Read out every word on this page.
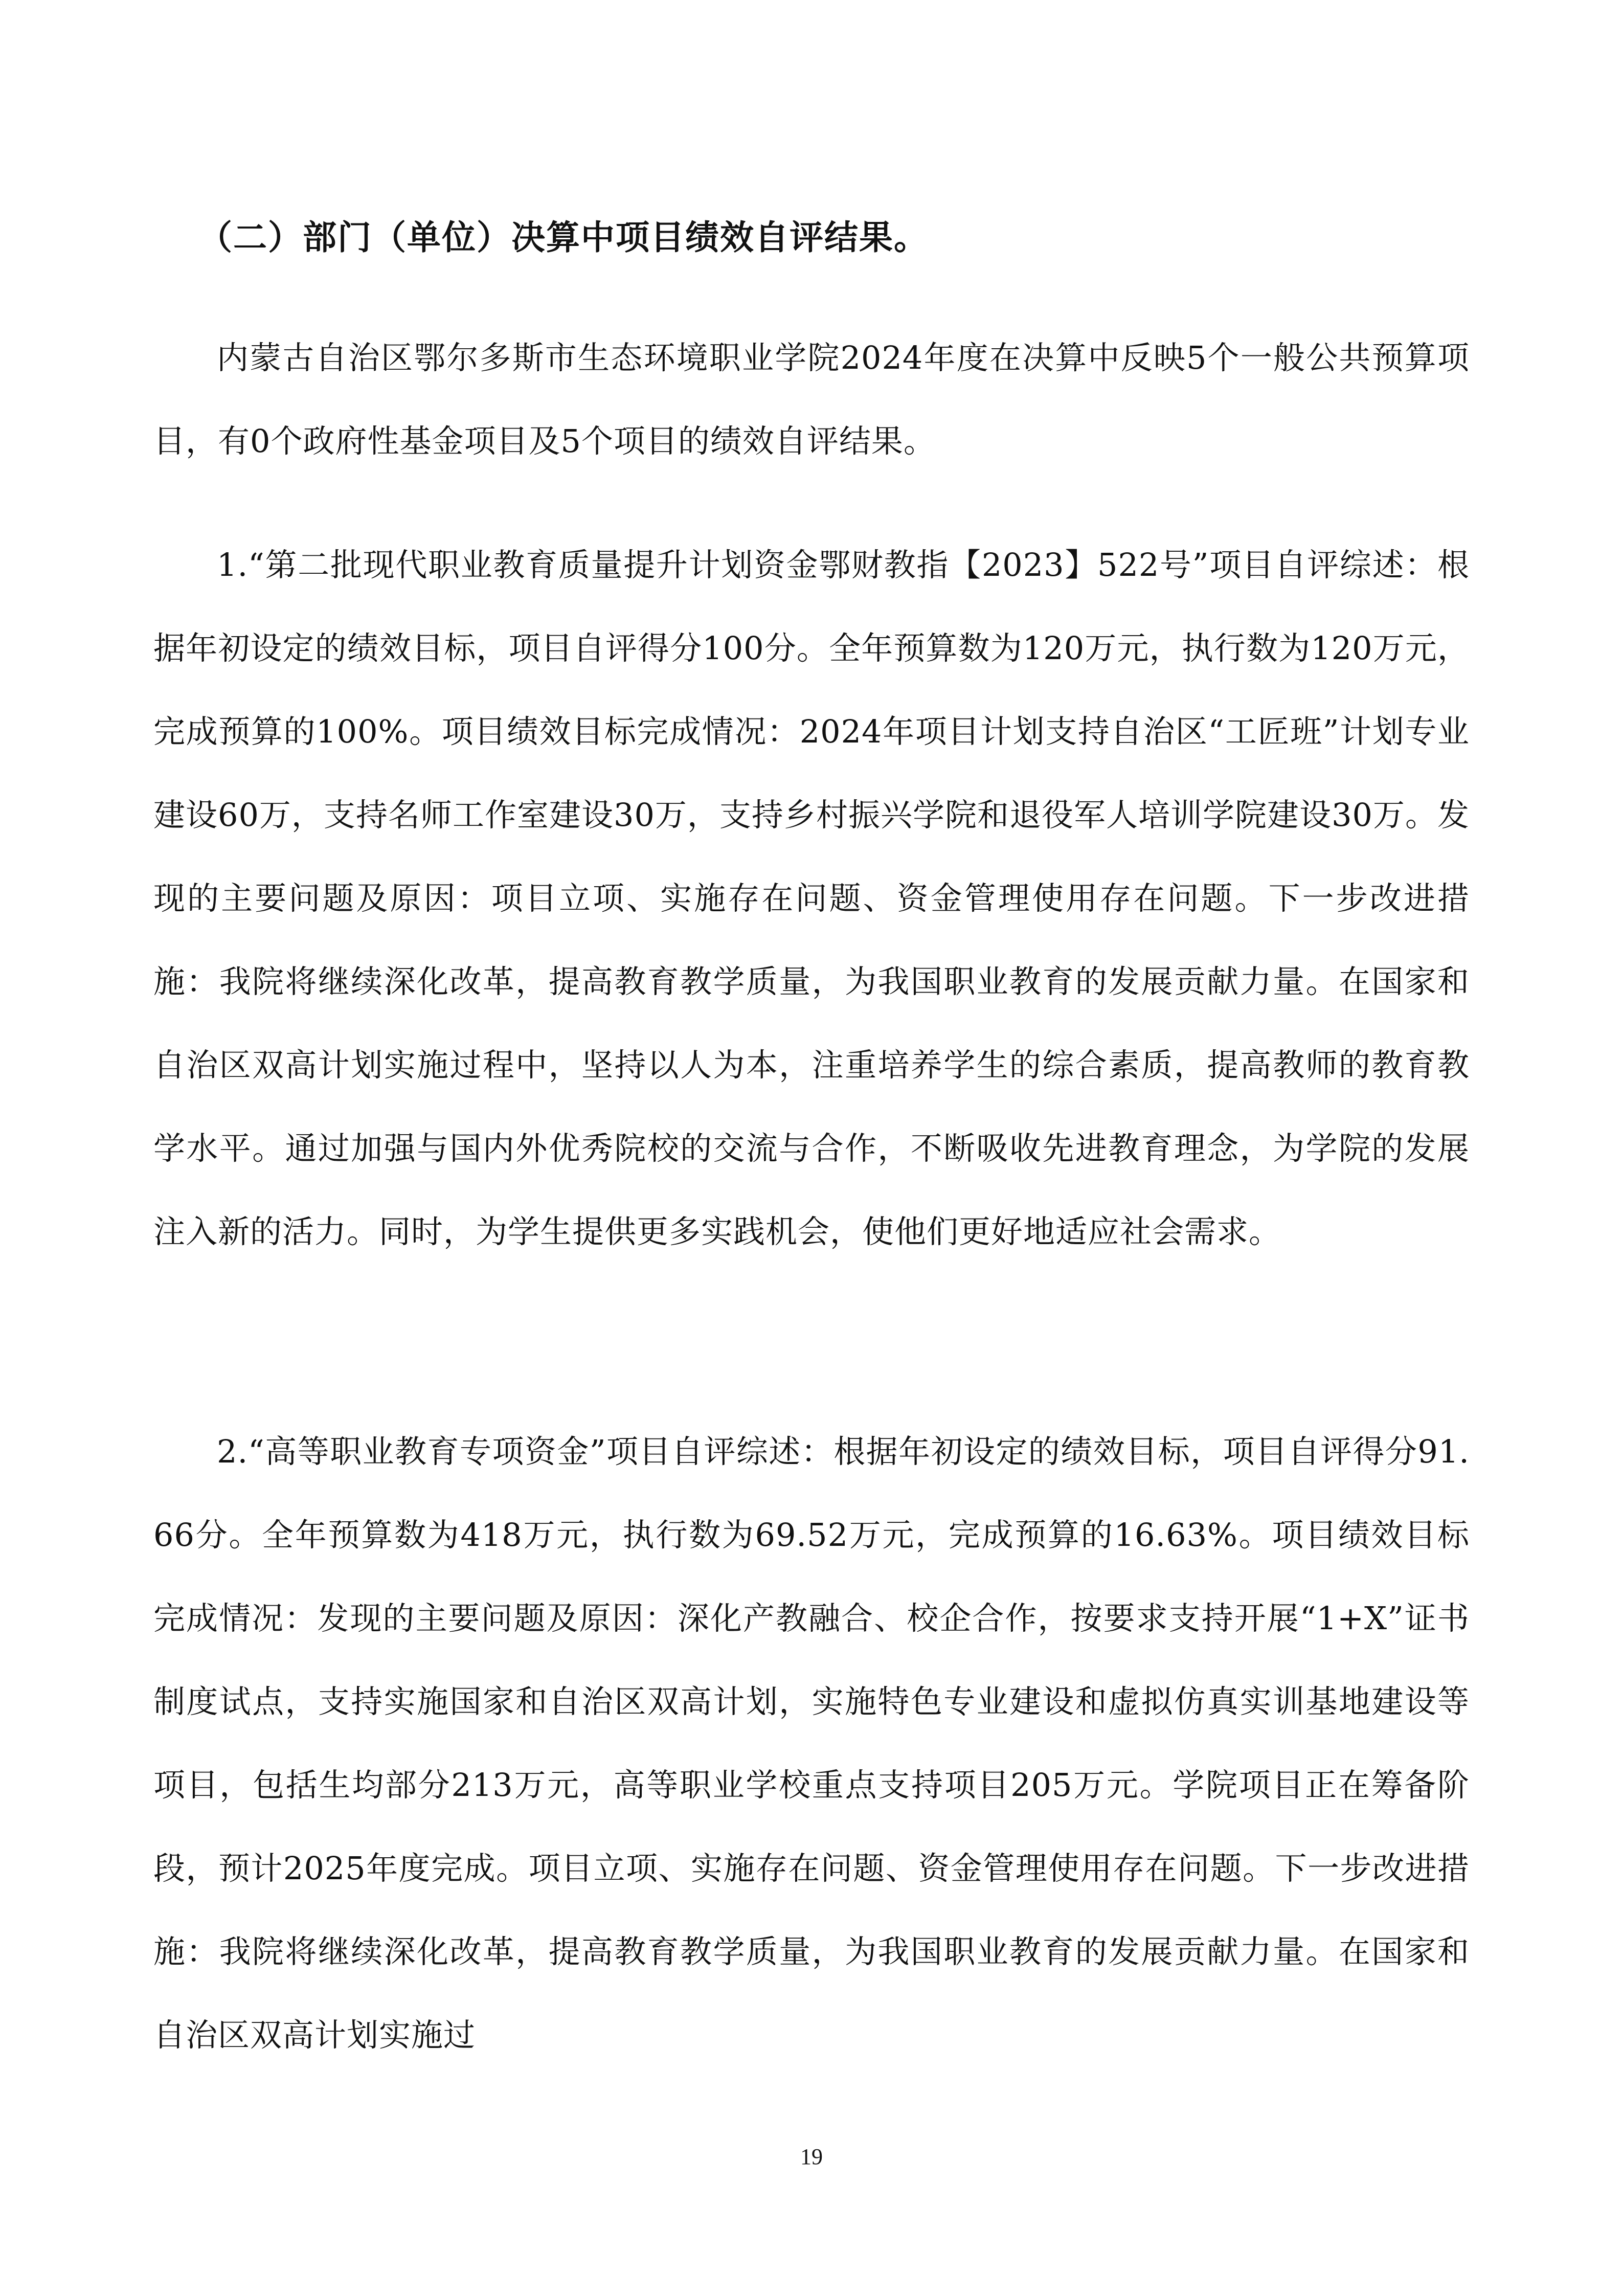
（二）部门（单位）决算中项目绩效自评结果。

内蒙古自治区鄂尔多斯市生态环境职业学院2024年度在决算中反映5个一般公共预算项目，有0个政府性基金项目及5个项目的绩效自评结果。

1.“第二批现代职业教育质量提升计划资金鄂财教指【2023】522号”项目自评综述：根据年初设定的绩效目标，项目自评得分100分。全年预算数为120万元，执行数为120万元，完成预算的100%。项目绩效目标完成情况：2024年项目计划支持自治区“工匠班”计划专业建设60万，支持名师工作室建设30万，支持乡村振兴学院和退役军人培训学院建设30万。发现的主要问题及原因：项目立项、实施存在问题、资金管理使用存在问题。下一步改进措施：我院将继续深化改革，提高教育教学质量，为我国职业教育的发展贡献力量。在国家和自治区双高计划实施过程中，坚持以人为本，注重培养学生的综合素质，提高教师的教育教学水平。通过加强与国内外优秀院校的交流与合作，不断吸收先进教育理念，为学院的发展注入新的活力。同时，为学生提供更多实践机会，使他们更好地适应社会需求。

2.“高等职业教育专项资金”项目自评综述：根据年初设定的绩效目标，项目自评得分91.66分。全年预算数为418万元，执行数为69.52万元，完成预算的16.63%。项目绩效目标完成情况：发现的主要问题及原因：深化产教融合、校企合作，按要求支持开展“1+X”证书制度试点，支持实施国家和自治区双高计划，实施特色专业建设和虚拟仿真实训基地建设等项目，包括生均部分213万元，高等职业学校重点支持项目205万元。学院项目正在筹备阶段，预计2025年度完成。项目立项、实施存在问题、资金管理使用存在问题。下一步改进措施：我院将继续深化改革，提高教育教学质量，为我国职业教育的发展贡献力量。在国家和自治区双高计划实施过

19
